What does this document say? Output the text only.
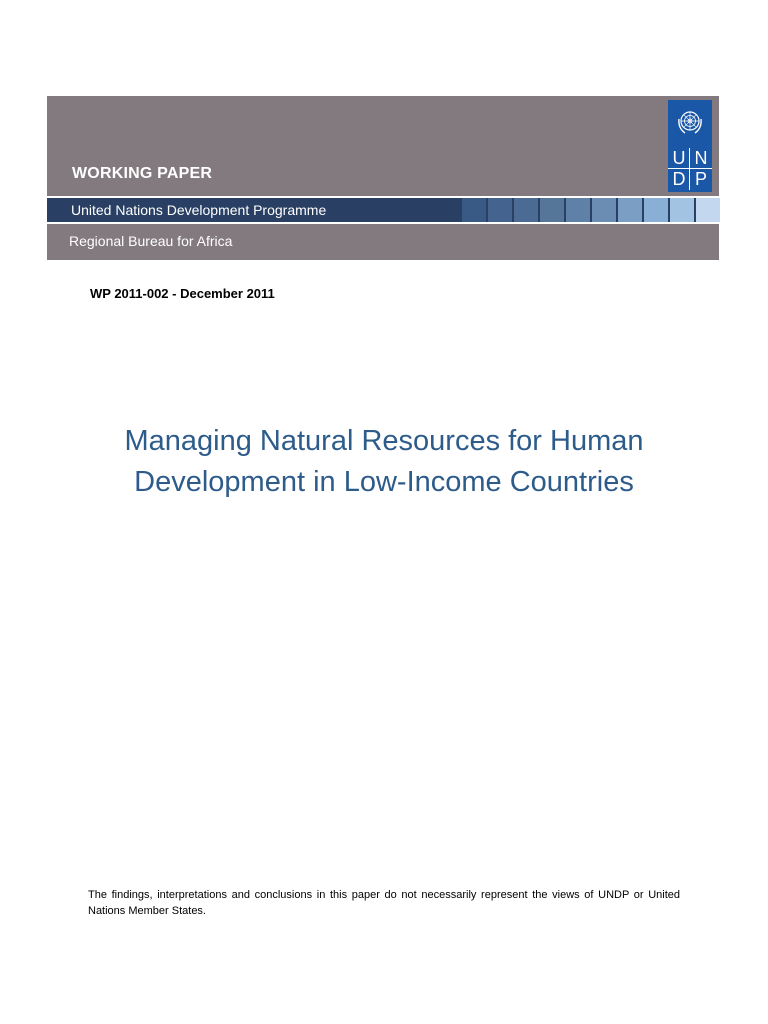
WORKING PAPER
United Nations Development Programme
Regional Bureau for Africa
U N
D P
WP 2011-002 - December 2011
Managing Natural Resources for Human
Development in Low-Income Countries
The findings, interpretations and conclusions in this paper do not necessarily represent the views of UNDP or United Nations Member States.
